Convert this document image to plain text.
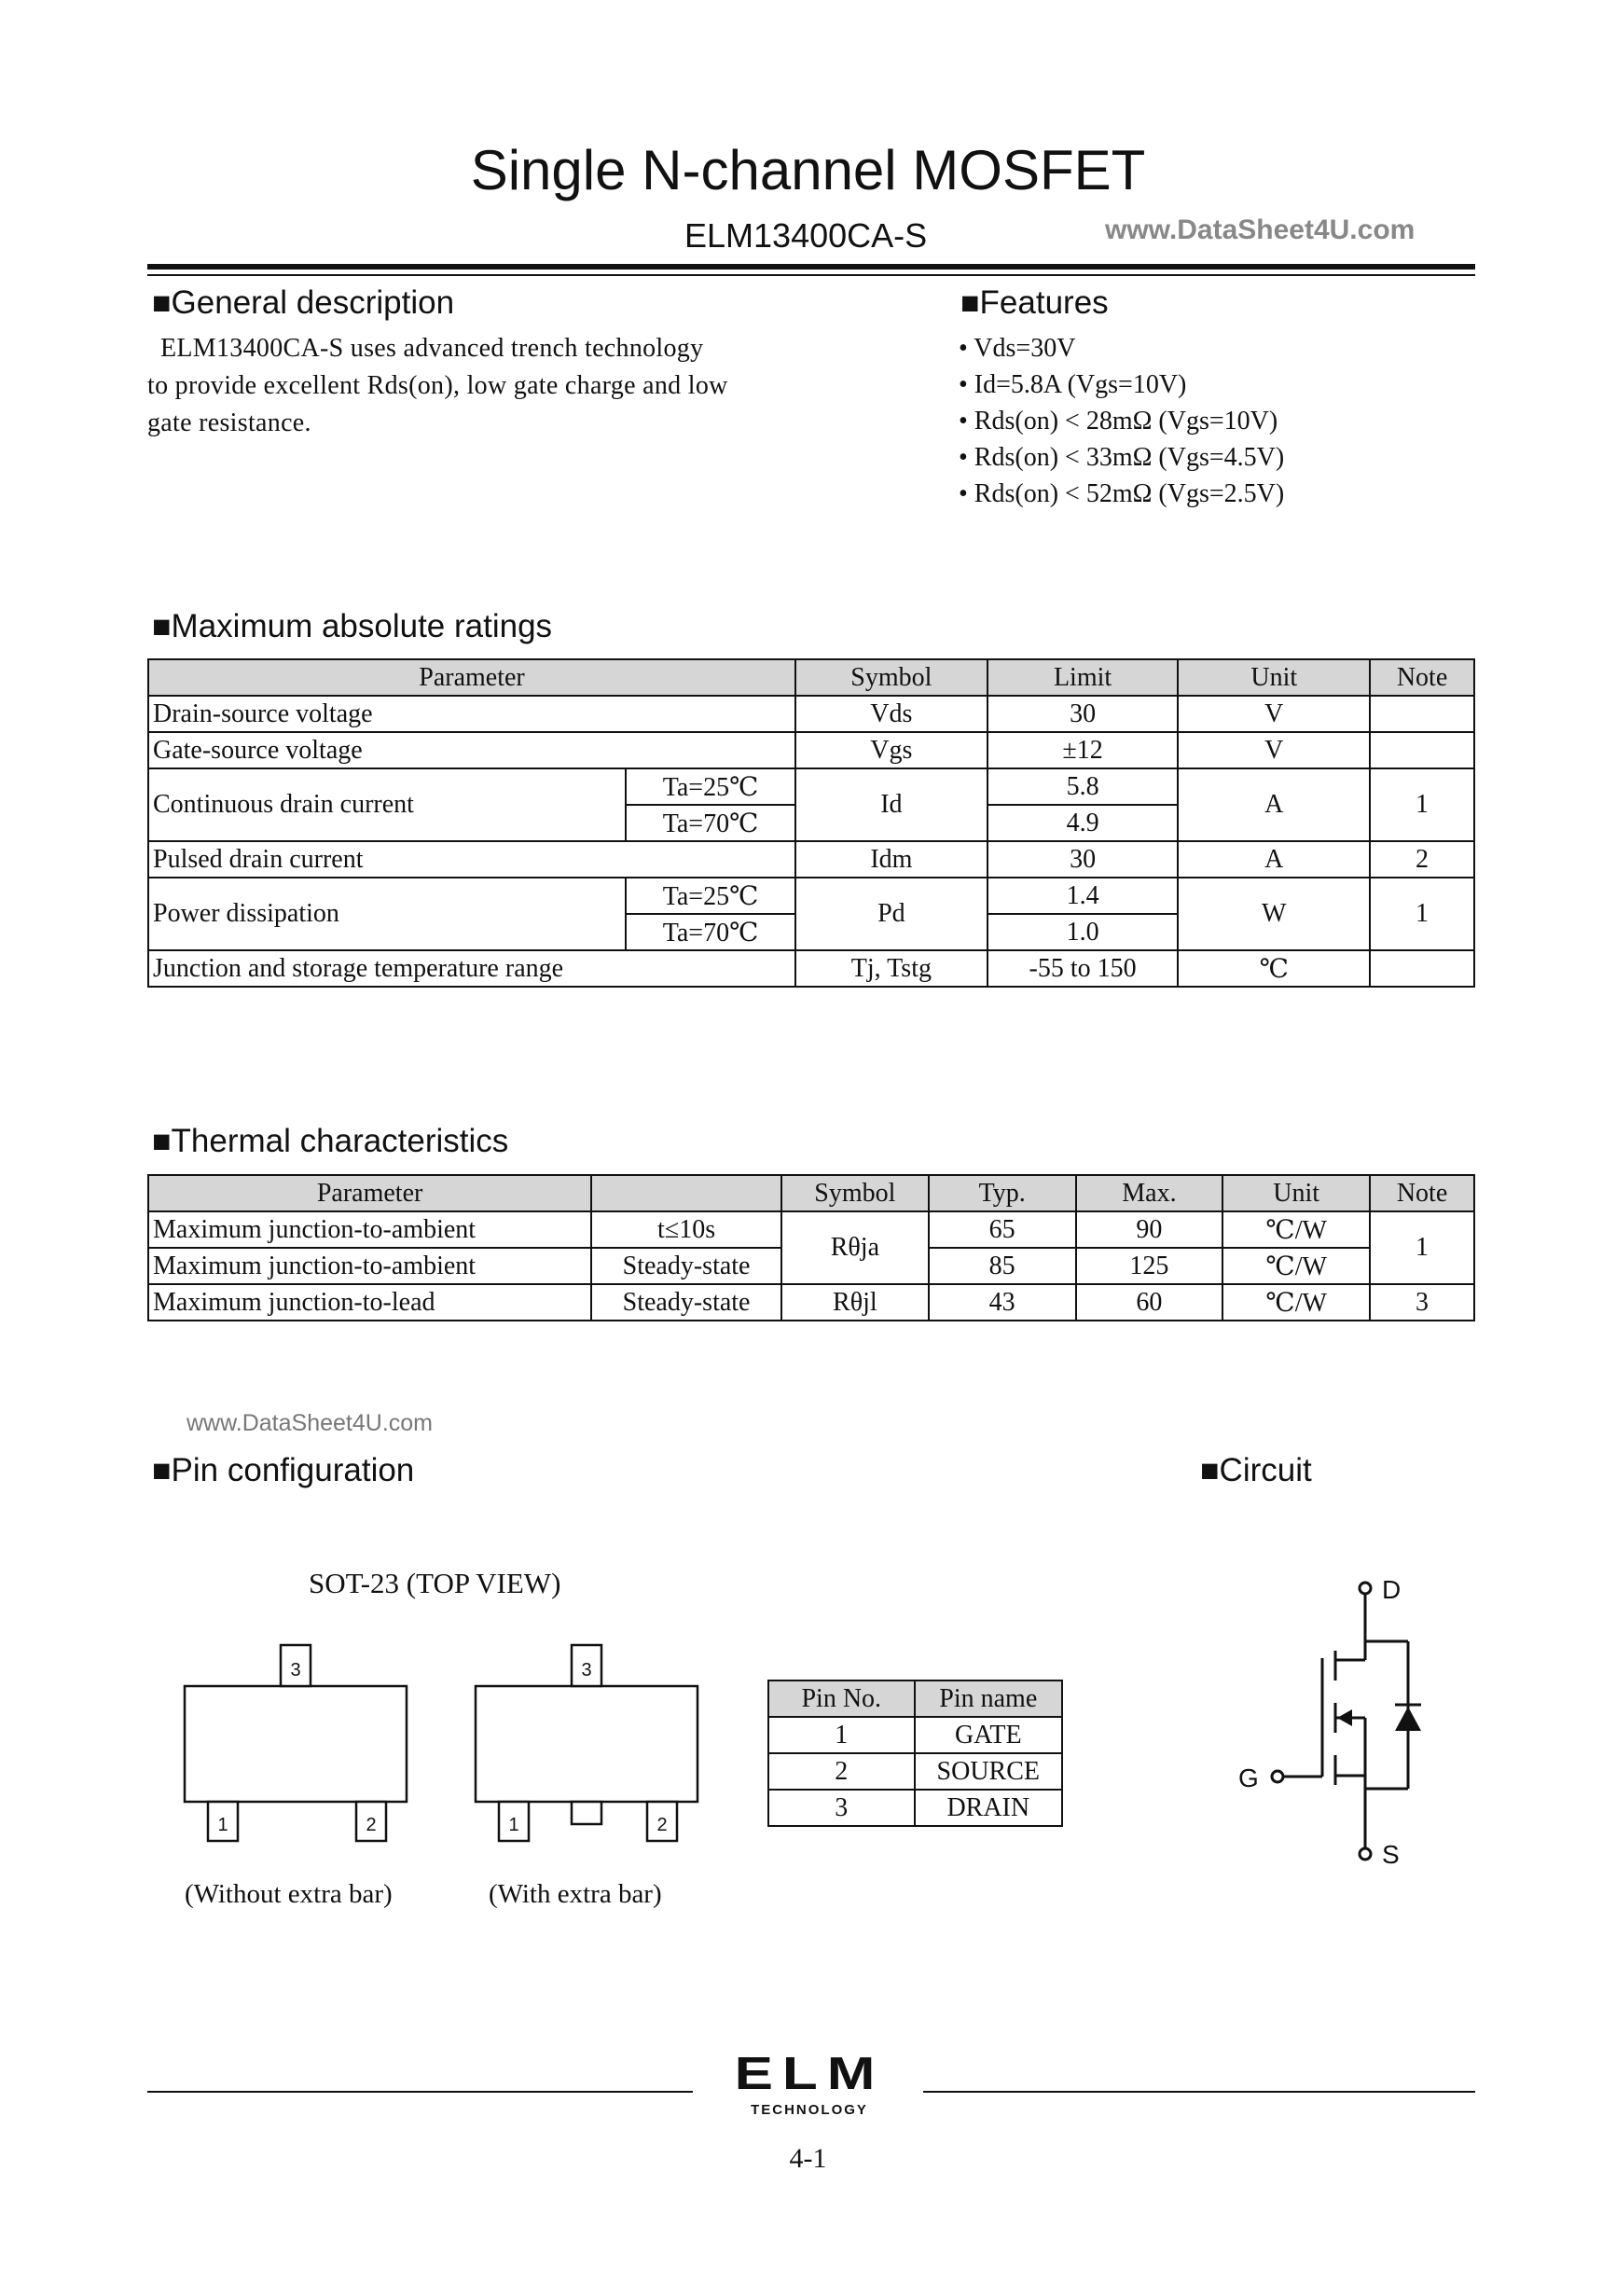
Single N-channel MOSFET
ELM13400CA-S	www.DataSheet4U.com
■General description
ELM13400CA-S uses advanced trench technology
to provide excellent Rds(on), low gate charge and low
gate resistance.
■Features
• Vds=30V
• Id=5.8A (Vgs=10V)
• Rds(on) < 28mΩ (Vgs=10V)
• Rds(on) < 33mΩ (Vgs=4.5V)
• Rds(on) < 52mΩ (Vgs=2.5V)
■Maximum absolute ratings
Parameter		Symbol	Limit	Unit	Note
Drain-source voltage		Vds	30	V	
Gate-source voltage		Vgs	±12	V	
Continuous drain current	Ta=25℃	Id	5.8	A	1
	Ta=70℃		4.9		
Pulsed drain current		Idm	30	A	2
Power dissipation	Ta=25℃	Pd	1.4	W	1
	Ta=70℃		1.0		
Junction and storage temperature range		Tj, Tstg	-55 to 150	℃	
■Thermal characteristics
Parameter		Symbol	Typ.	Max.	Unit	Note
Maximum junction-to-ambient	t≤10s	Rθja	65	90	℃/W	1
Maximum junction-to-ambient	Steady-state		85	125	℃/W	
Maximum junction-to-lead	Steady-state	Rθjl	43	60	℃/W	3
www.DataSheet4U.com
■Pin configuration
SOT-23 (TOP VIEW)
3
1	2
3
1	2
(Without extra bar)	(With extra bar)
Pin No.	Pin name
1	GATE
2	SOURCE
3	DRAIN
■Circuit
D
G
S
ELM
TECHNOLOGY
4-1
